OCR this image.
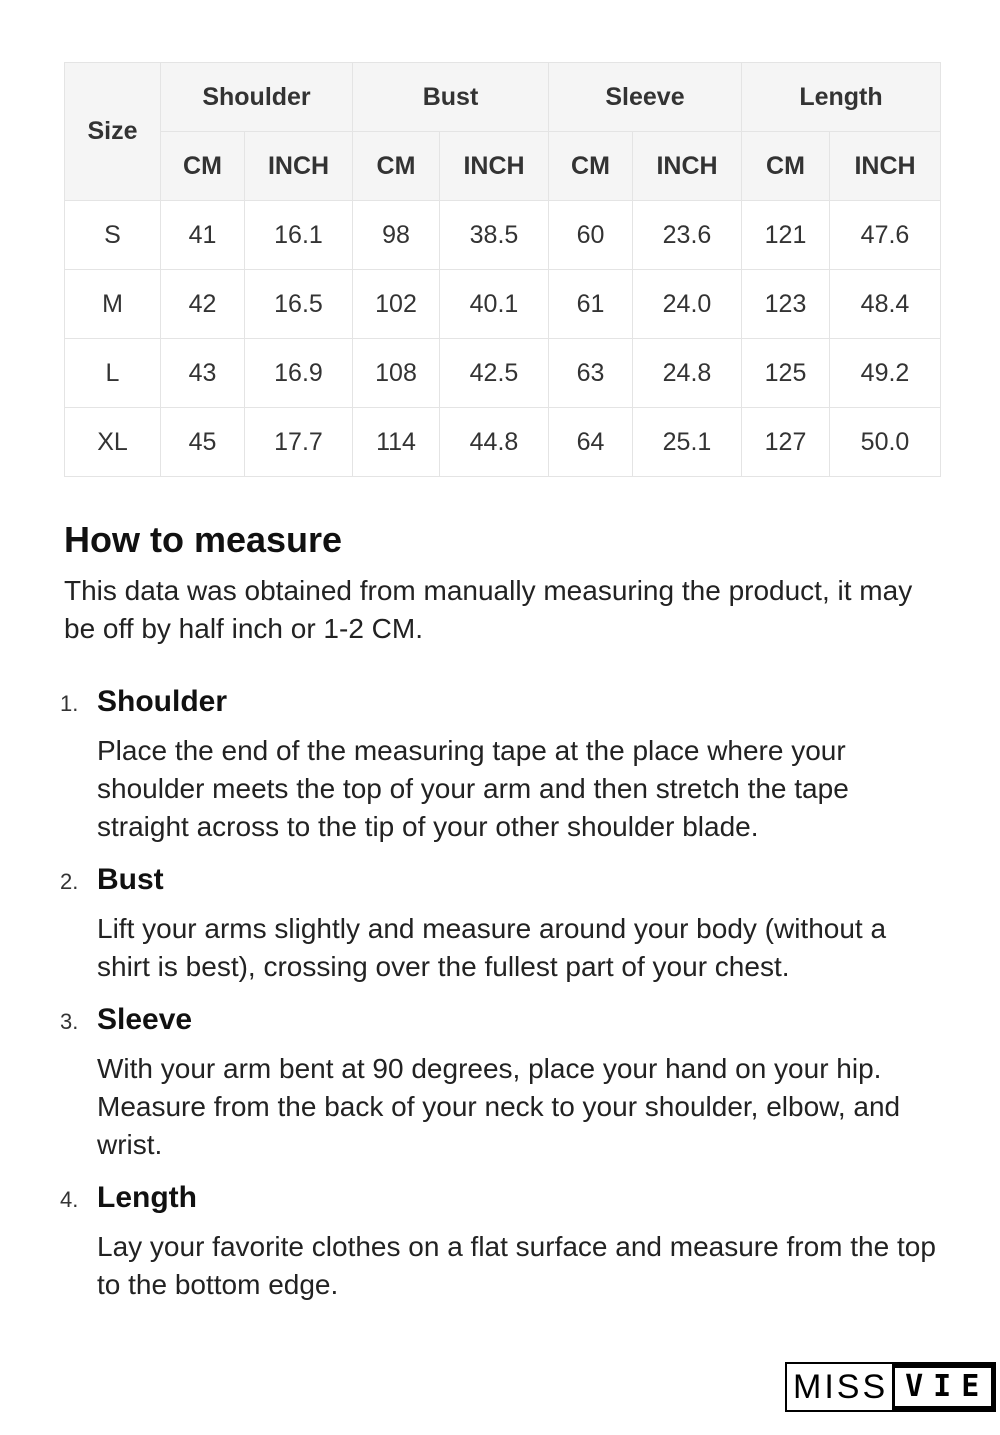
Size	Shoulder		Bust		Sleeve		Length	
	CM	INCH	CM	INCH	CM	INCH	CM	INCH
S	41	16.1	98	38.5	60	23.6	121	47.6
M	42	16.5	102	40.1	61	24.0	123	48.4
L	43	16.9	108	42.5	63	24.8	125	49.2
XL	45	17.7	114	44.8	64	25.1	127	50.0
How to measure

This data was obtained from manually measuring the product, it may be off by half inch or 1-2 CM.

1. Shoulder
Place the end of the measuring tape at the place where your shoulder meets the top of your arm and then stretch the tape straight across to the tip of your other shoulder blade.
2. Bust
Lift your arms slightly and measure around your body (without a shirt is best), crossing over the fullest part of your chest.
3. Sleeve
With your arm bent at 90 degrees, place your hand on your hip. Measure from the back of your neck to your shoulder, elbow, and wrist.
4. Length
Lay your favorite clothes on a flat surface and measure from the top to the bottom edge.
MISS VIE
